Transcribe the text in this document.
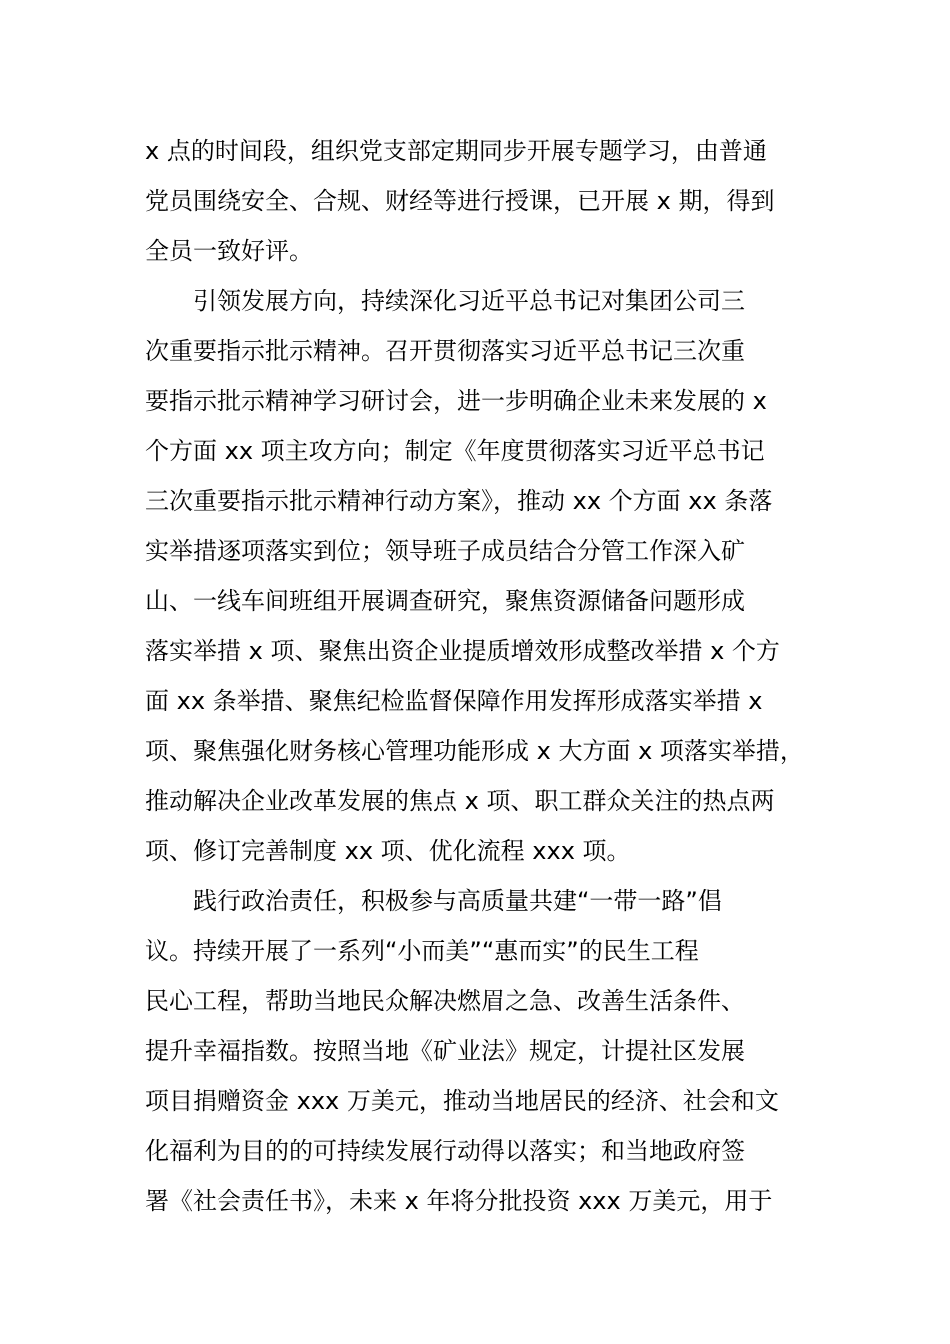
x 点的时间段，组织党支部定期同步开展专题学习，由普通
党员围绕安全、合规、财经等进行授课，已开展 x 期，得到
全员一致好评。
引领发展方向，持续深化习近平总书记对集团公司三
次重要指示批示精神。召开贯彻落实习近平总书记三次重
要指示批示精神学习研讨会，进一步明确企业未来发展的 x
个方面 xx 项主攻方向；制定《年度贯彻落实习近平总书记
三次重要指示批示精神行动方案》，推动 xx 个方面 xx 条落
实举措逐项落实到位；领导班子成员结合分管工作深入矿
山、一线车间班组开展调查研究，聚焦资源储备问题形成
落实举措 x 项、聚焦出资企业提质增效形成整改举措 x 个方
面 xx 条举措、聚焦纪检监督保障作用发挥形成落实举措 x
项、聚焦强化财务核心管理功能形成 x 大方面 x 项落实举措，
推动解决企业改革发展的焦点 x 项、职工群众关注的热点两
项、修订完善制度 xx 项、优化流程 xxx 项。
践行政治责任，积极参与高质量共建“一带一路”倡
议。持续开展了一系列“小而美”“惠而实”的民生工程
民心工程，帮助当地民众解决燃眉之急、改善生活条件、
提升幸福指数。按照当地《矿业法》规定，计提社区发展
项目捐赠资金 xxx 万美元，推动当地居民的经济、社会和文
化福利为目的的可持续发展行动得以落实；和当地政府签
署《社会责任书》，未来 x 年将分批投资 xxx 万美元，用于
